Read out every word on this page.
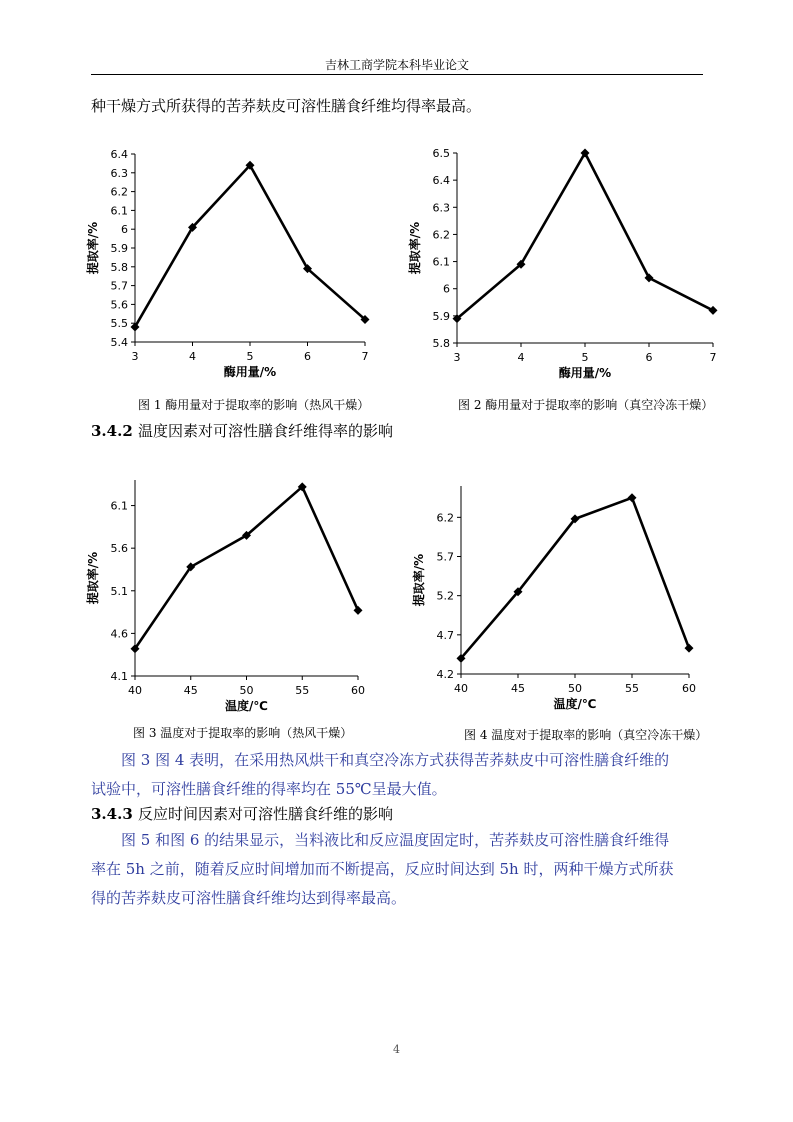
吉林工商学院本科毕业论文
种干燥方式所获得的苦荞麸皮可溶性膳食纤维均得率最高。
5.4
5.5
5.6
5.7
5.8
5.9
6
6.1
6.2
6.3
6.4
3	4	5	6	7
酶用量/%
提取率/%
图 1 酶用量对于提取率的影响（热风干燥）
5.8
5.9
6
6.1
6.2
6.3
6.4
6.5
3	4	5	6	7
酶用量/%
提取率/%
图 2 酶用量对于提取率的影响（真空冷冻干燥）
3.4.2 温度因素对可溶性膳食纤维得率的影响
4.1
4.6
5.1
5.6
6.1
40	45	50	55	60
温度/℃
提取率/%
图 3 温度对于提取率的影响（热风干燥）
4.2
4.7
5.2
5.7
6.2
40	45	50	55	60
温度/℃
提取率/%
图 4 温度对于提取率的影响（真空冷冻干燥）
图 3 图 4 表明，在采用热风烘干和真空冷冻方式获得苦荞麸皮中可溶性膳食纤维的
试验中，可溶性膳食纤维的得率均在 55℃呈最大值。
3.4.3 反应时间因素对可溶性膳食纤维的影响
图 5 和图 6 的结果显示，当料液比和反应温度固定时，苦荞麸皮可溶性膳食纤维得
率在 5h 之前，随着反应时间增加而不断提高，反应时间达到 5h 时，两种干燥方式所获
得的苦荞麸皮可溶性膳食纤维均达到得率最高。
4
